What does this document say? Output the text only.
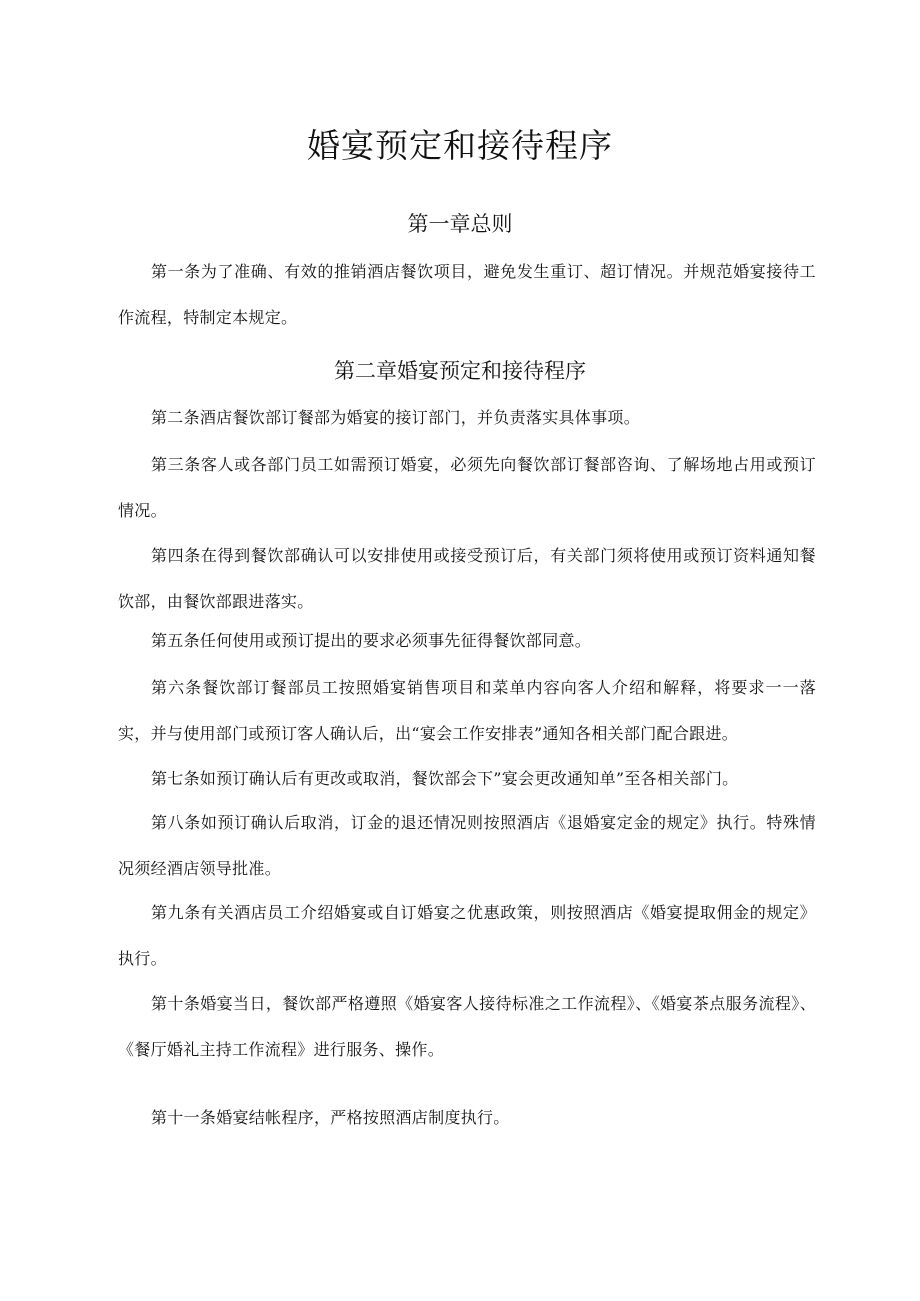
婚宴预定和接待程序
第一章总则

第一条为了准确、有效的推销酒店餐饮项目，避免发生重订、超订情况。并规范婚宴接待工作流程，特制定本规定。

第二章婚宴预定和接待程序

第二条酒店餐饮部订餐部为婚宴的接订部门，并负责落实具体事项。

第三条客人或各部门员工如需预订婚宴，必须先向餐饮部订餐部咨询、了解场地占用或预订情况。

第四条在得到餐饮部确认可以安排使用或接受预订后，有关部门须将使用或预订资料通知餐饮部，由餐饮部跟进落实。

第五条任何使用或预订提出的要求必须事先征得餐饮部同意。

第六条餐饮部订餐部员工按照婚宴销售项目和菜单内容向客人介绍和解释，将要求一一落实，并与使用部门或预订客人确认后，出“宴会工作安排表”通知各相关部门配合跟进。

第七条如预订确认后有更改或取消，餐饮部会下”宴会更改通知单”至各相关部门。

第八条如预订确认后取消，订金的退还情况则按照酒店《退婚宴定金的规定》执行。特殊情况须经酒店领导批准。

第九条有关酒店员工介绍婚宴或自订婚宴之优惠政策，则按照酒店《婚宴提取佣金的规定》执行。

第十条婚宴当日，餐饮部严格遵照《婚宴客人接待标准之工作流程》、《婚宴茶点服务流程》、《餐厅婚礼主持工作流程》进行服务、操作。

第十一条婚宴结帐程序，严格按照酒店制度执行。
